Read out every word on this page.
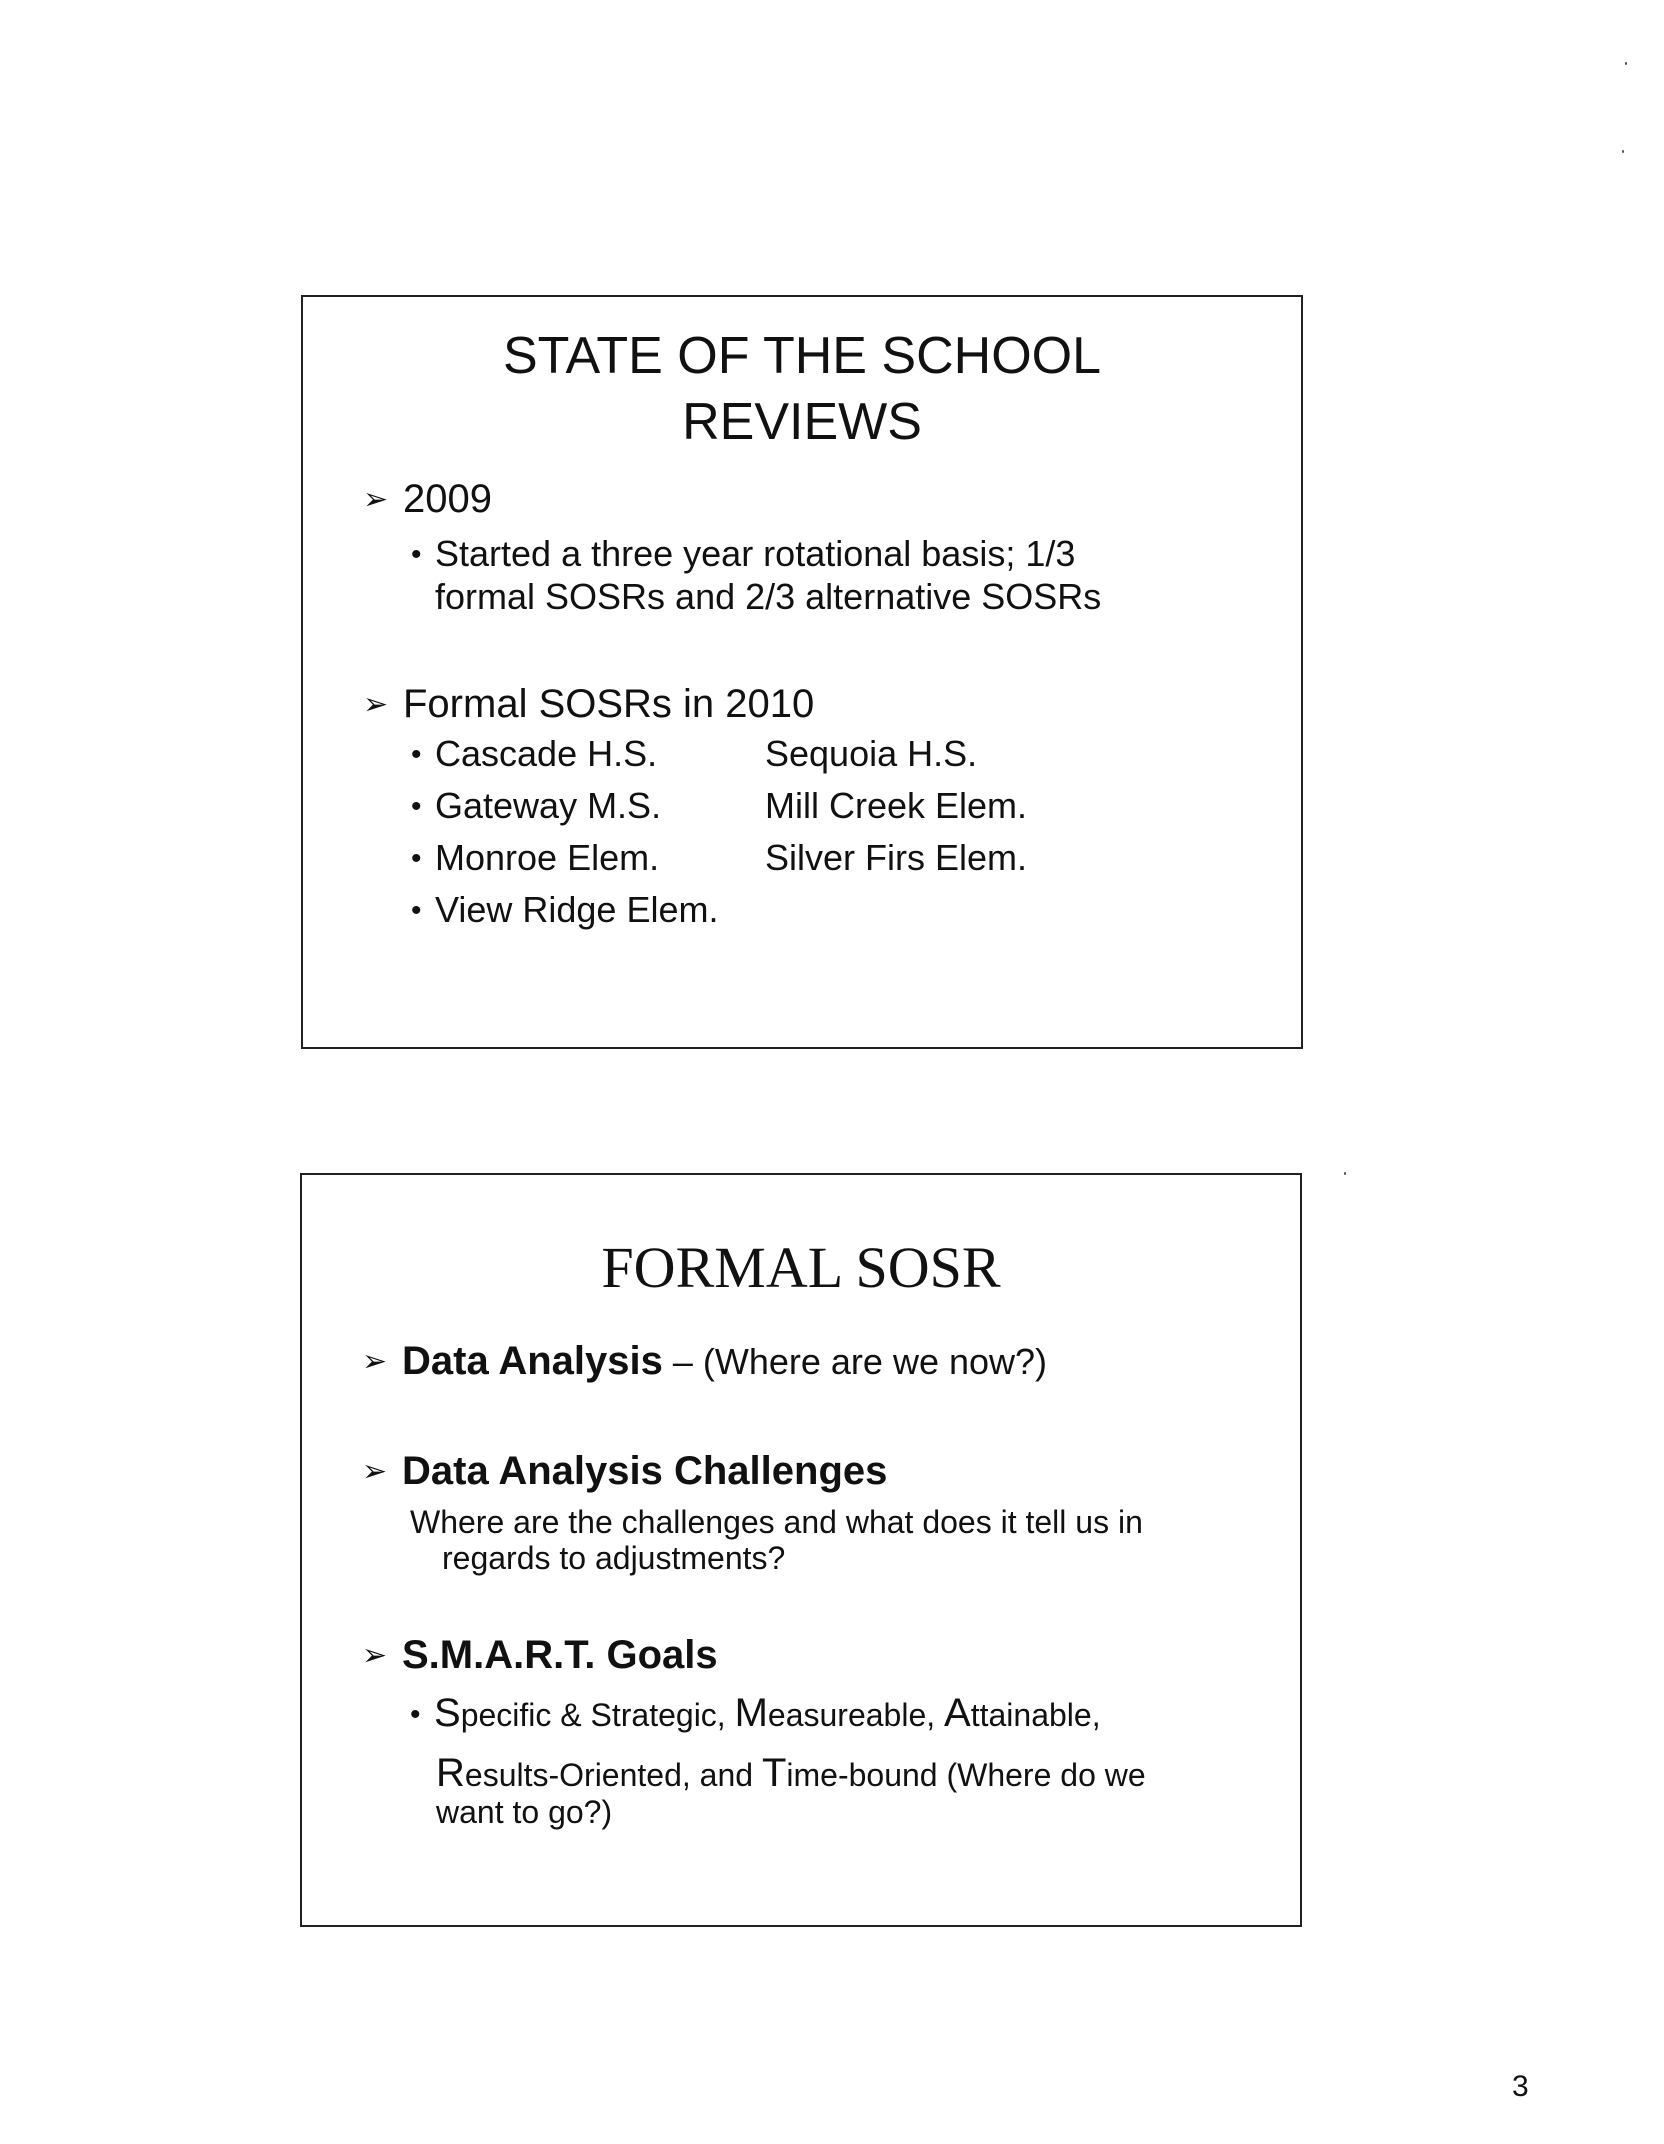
STATE OF THE SCHOOL REVIEWS
➢ 2009
• Started a three year rotational basis; 1/3
formal SOSRs and 2/3 alternative SOSRs
➢ Formal SOSRs in 2010
• Cascade H.S.	Sequoia H.S.
• Gateway M.S.	Mill Creek Elem.
• Monroe Elem.	Silver Firs Elem.
• View Ridge Elem.
FORMAL SOSR
➢ Data Analysis – (Where are we now?)
➢ Data Analysis Challenges
Where are the challenges and what does it tell us in
regards to adjustments?
➢ S.M.A.R.T. Goals
• Specific & Strategic, Measureable, Attainable,
Results-Oriented, and Time-bound (Where do we
want to go?)
3
